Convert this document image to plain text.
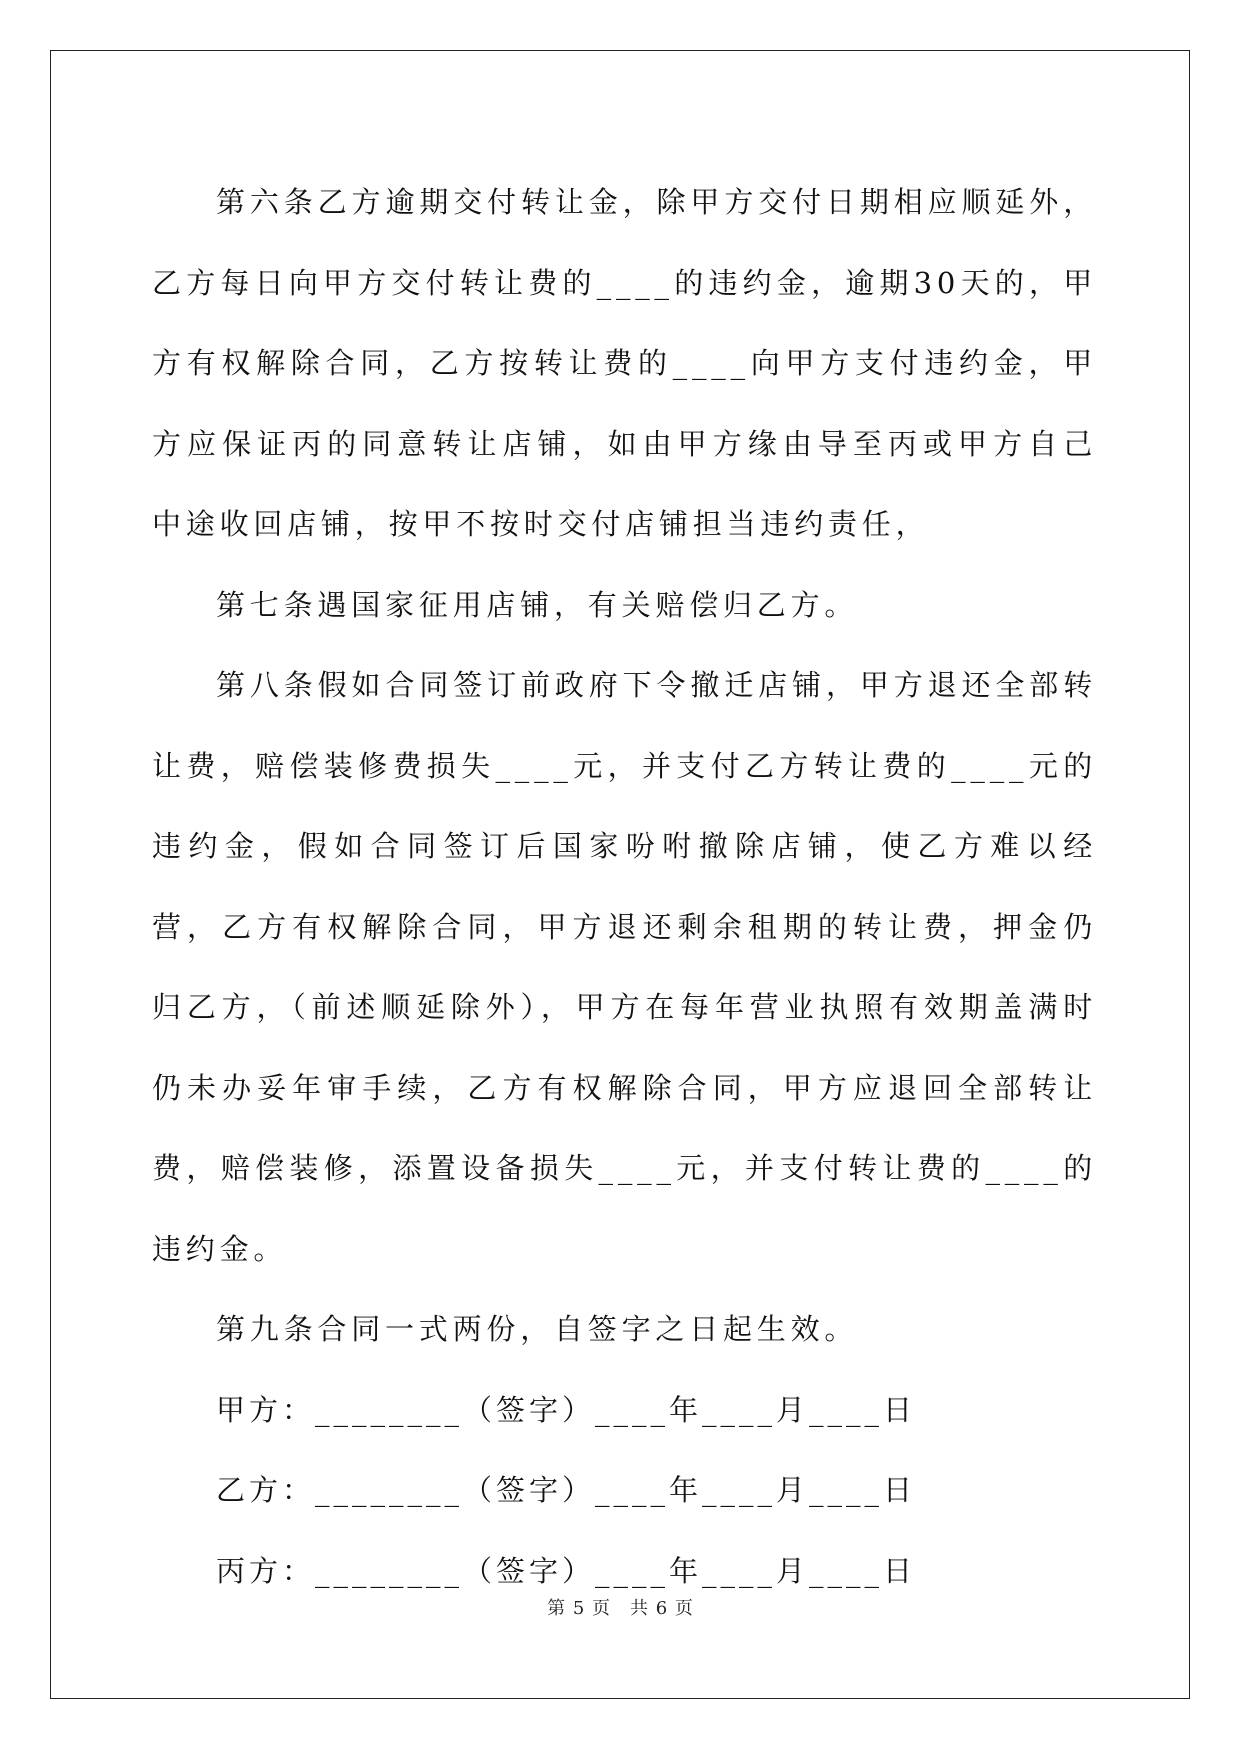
第六条乙方逾期交付转让金，除甲方交付日期相应顺延外，乙方每日向甲方交付转让费的____的违约金，逾期30天的，甲方有权解除合同，乙方按转让费的____向甲方支付违约金，甲方应保证丙的同意转让店铺，如由甲方缘由导至丙或甲方自己中途收回店铺，按甲不按时交付店铺担当违约责任，

第七条遇国家征用店铺，有关赔偿归乙方。

第八条假如合同签订前政府下令撤迁店铺，甲方退还全部转让费，赔偿装修费损失____元，并支付乙方转让费的____元的违约金，假如合同签订后国家吩咐撤除店铺，使乙方难以经营，乙方有权解除合同，甲方退还剩余租期的转让费，押金仍归乙方，（前述顺延除外），甲方在每年营业执照有效期盖满时仍未办妥年审手续，乙方有权解除合同，甲方应退回全部转让费，赔偿装修，添置设备损失____元，并支付转让费的____的违约金。

第九条合同一式两份，自签字之日起生效。

甲方：________（签字）____年____月____日

乙方：________（签字）____年____月____日

丙方：________（签字）____年____月____日

第 5 页　共 6 页
